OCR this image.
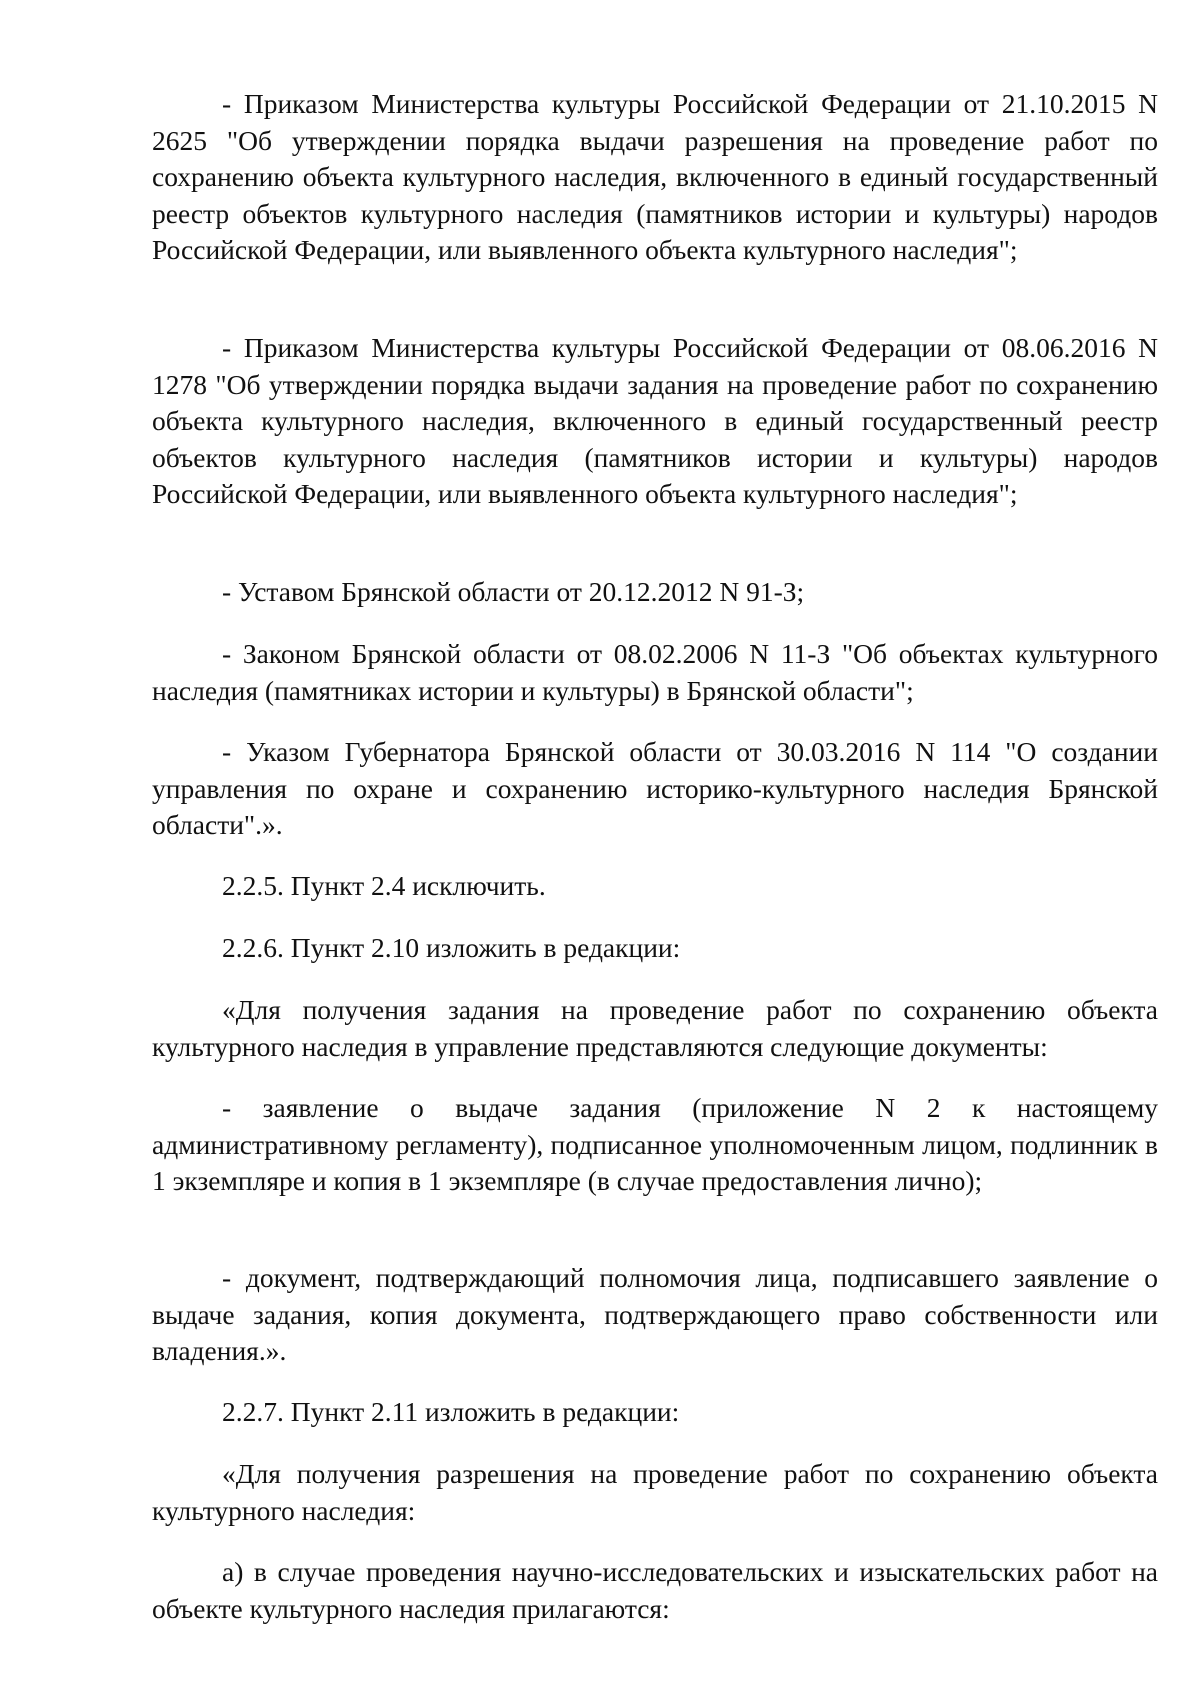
- Приказом Министерства культуры Российской Федерации от 21.10.2015 N 2625 "Об утверждении порядка выдачи разрешения на проведение работ по сохранению объекта культурного наследия, включенного в единый государственный реестр объектов культурного наследия (памятников истории и культуры) народов Российской Федерации, или выявленного объекта культурного наследия";

- Приказом Министерства культуры Российской Федерации от 08.06.2016 N 1278 "Об утверждении порядка выдачи задания на проведение работ по сохранению объекта культурного наследия, включенного в единый государственный реестр объектов культурного наследия (памятников истории и культуры) народов Российской Федерации, или выявленного объекта культурного наследия";

- Уставом Брянской области от 20.12.2012 N 91-З;

- Законом Брянской области от 08.02.2006 N 11-З "Об объектах культурного наследия (памятниках истории и культуры) в Брянской области";

- Указом Губернатора Брянской области от 30.03.2016 N 114 "О создании управления по охране и сохранению историко-культурного наследия Брянской области".».

2.2.5. Пункт 2.4 исключить.

2.2.6. Пункт 2.10 изложить в редакции:

«Для получения задания на проведение работ по сохранению объекта культурного наследия в управление представляются следующие документы:

- заявление о выдаче задания (приложение N 2 к настоящему административному регламенту), подписанное уполномоченным лицом, подлинник в 1 экземпляре и копия в 1 экземпляре (в случае предоставления лично);

- документ, подтверждающий полномочия лица, подписавшего заявление о выдаче задания, копия документа, подтверждающего право собственности или владения.».

2.2.7. Пункт 2.11 изложить в редакции:

«Для получения разрешения на проведение работ по сохранению объекта культурного наследия:

а) в случае проведения научно-исследовательских и изыскательских работ на объекте культурного наследия прилагаются:
